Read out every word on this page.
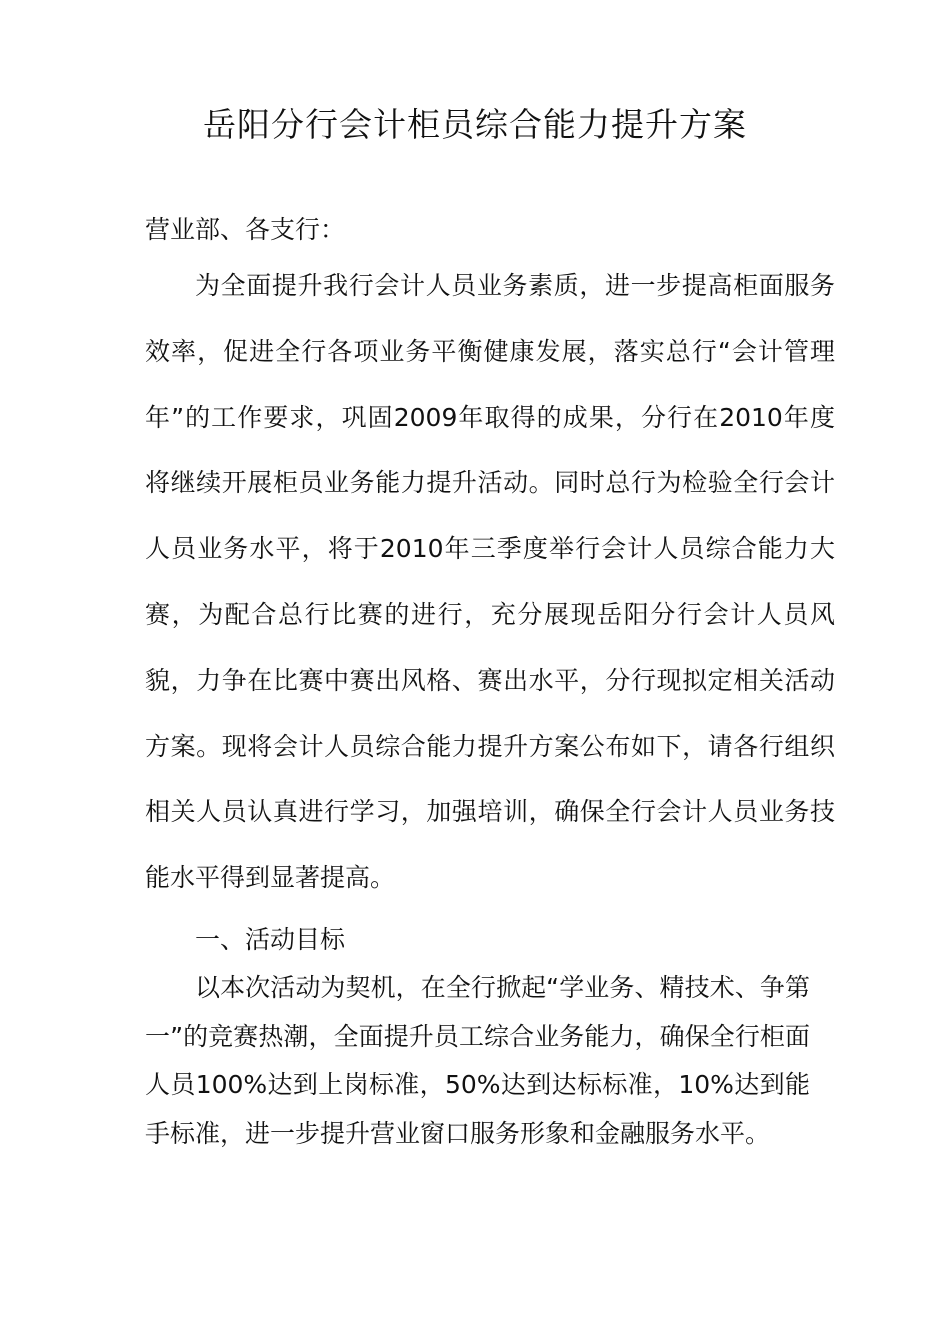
岳阳分行会计柜员综合能力提升方案

营业部、各支行：

为全面提升我行会计人员业务素质，进一步提高柜面服务效率，促进全行各项业务平衡健康发展，落实总行“会计管理年”的工作要求，巩固2009年取得的成果，分行在2010年度将继续开展柜员业务能力提升活动。同时总行为检验全行会计人员业务水平，将于2010年三季度举行会计人员综合能力大赛，为配合总行比赛的进行，充分展现岳阳分行会计人员风貌，力争在比赛中赛出风格、赛出水平，分行现拟定相关活动方案。现将会计人员综合能力提升方案公布如下，请各行组织相关人员认真进行学习，加强培训，确保全行会计人员业务技能水平得到显著提高。

一、活动目标

以本次活动为契机，在全行掀起“学业务、精技术、争第一”的竞赛热潮，全面提升员工综合业务能力，确保全行柜面人员100%达到上岗标准，50%达到达标标准，10%达到能手标准，进一步提升营业窗口服务形象和金融服务水平。
